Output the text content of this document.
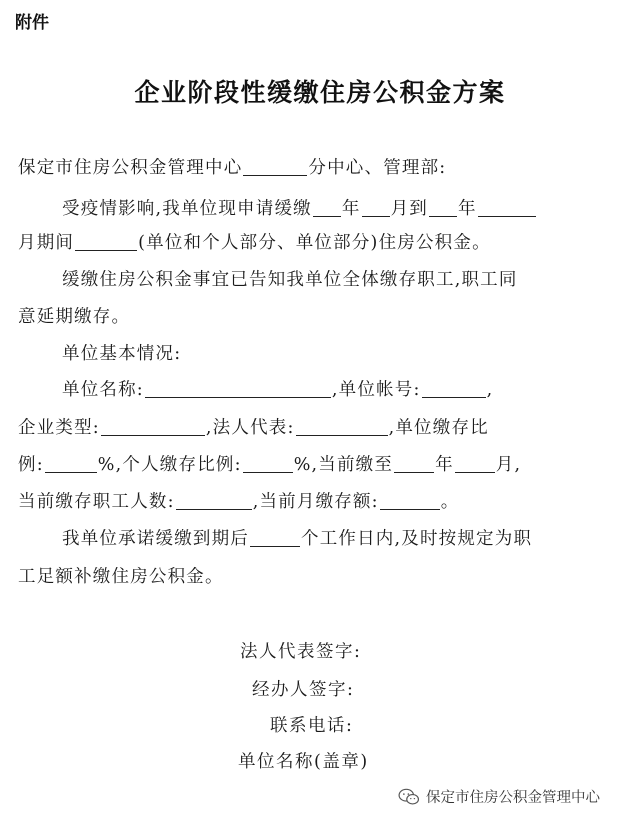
附件
企业阶段性缓缴住房公积金方案
保定市住房公积金管理中心	分中心、管理部:
受疫情影响,我单位现申请缓缴 年 月到 年
月期间	(单位和个人部分、单位部分)住房公积金。
缓缴住房公积金事宜已告知我单位全体缴存职工,职工同
意延期缴存。
单位基本情况:
单位名称:	,单位帐号:	,
企业类型:	,法人代表:	,单位缴存比
例:	%,个人缴存比例:	%,当前缴至 年 月,
当前缴存职工人数:	,当前月缴存额:	。
我单位承诺缓缴到期后	个工作日内,及时按规定为职
工足额补缴住房公积金。
法人代表签字:
经办人签字:
联系电话:
单位名称(盖章)
保定市住房公积金管理中心
